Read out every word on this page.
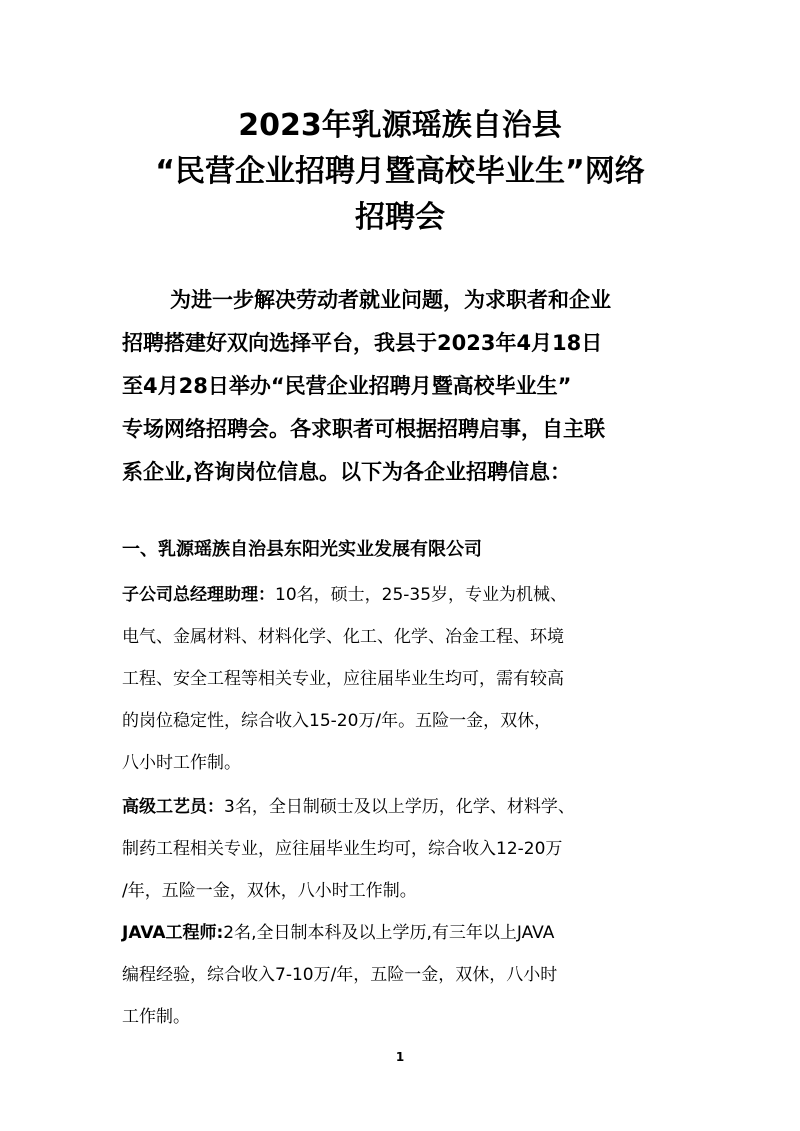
2023年乳源瑶族自治县
“民营企业招聘月暨高校毕业生”网络
招聘会
为进一步解决劳动者就业问题，为求职者和企业
招聘搭建好双向选择平台，我县于2023年4月18日
至4月28日举办“民营企业招聘月暨高校毕业生”
专场网络招聘会。各求职者可根据招聘启事，自主联
系企业,咨询岗位信息。以下为各企业招聘信息：
一、乳源瑶族自治县东阳光实业发展有限公司
子公司总经理助理：10名，硕士，25-35岁，专业为机械、
电气、金属材料、材料化学、化工、化学、冶金工程、环境
工程、安全工程等相关专业，应往届毕业生均可，需有较高
的岗位稳定性，综合收入15-20万/年。五险一金，双休，
八小时工作制。
高级工艺员：3名，全日制硕士及以上学历，化学、材料学、
制药工程相关专业，应往届毕业生均可，综合收入12-20万
/年，五险一金，双休，八小时工作制。
JAVA工程师:2名,全日制本科及以上学历,有三年以上JAVA
编程经验，综合收入7-10万/年，五险一金，双休，八小时
工作制。
1
